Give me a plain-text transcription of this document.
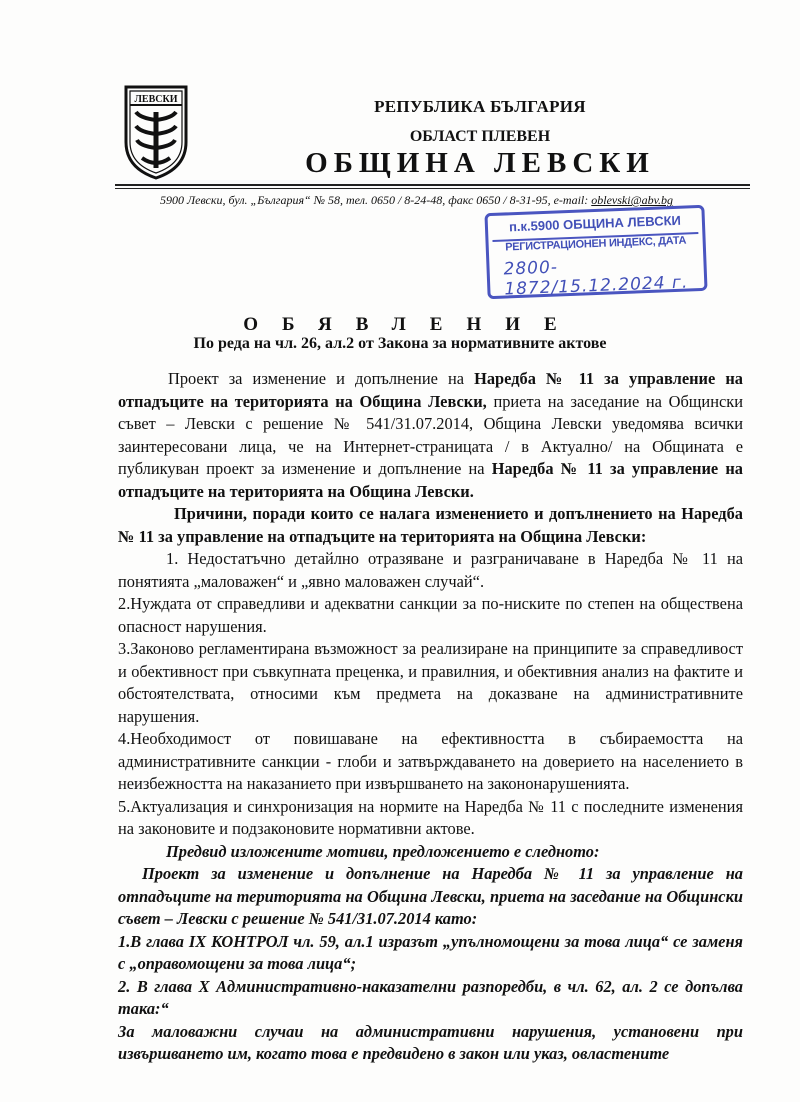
ЛЕВСКИ	РЕПУБЛИКА БЪЛГАРИЯ
ОБЛАСТ ПЛЕВЕН
ОБЩИНА ЛЕВСКИ
5900 Левски, бул. „България“ № 58, тел. 0650 / 8-24-48, факс 0650 / 8-31-95, e-mail: oblevski@abv.bg
п.к.5900 ОБЩИНА ЛЕВСКИ
РЕГИСТРАЦИОНЕН ИНДЕКС, ДАТА
2800-1872/15.12.2024 г.
ОБЯВЛЕНИЕ
По реда на чл. 26, ал.2 от Закона за нормативните актове

Проект за изменение и допълнение на Наредба № 11 за управление на отпадъците на територията на Община Левски, приета на заседание на Общински съвет – Левски с решение № 541/31.07.2014, Община Левски уведомява всички заинтересовани лица, че на Интернет-страницата / в Актуално/ на Общината е публикуван проект за изменение и допълнение на Наредба № 11 за управление на отпадъците на територията на Община Левски.

Причини, поради които се налага изменението и допълнението на Наредба № 11 за управление на отпадъците на територията на Община Левски:

1. Недостатъчно детайлно отразяване и разграничаване в Наредба № 11 на понятията „маловажен“ и „явно маловажен случай“.

2.Нуждата от справедливи и адекватни санкции за по-ниските по степен на обществена опасност нарушения.

3.Законово регламентирана възможност за реализиране на принципите за справедливост и обективност при съвкупната преценка, и правилния, и обективния анализ на фактите и обстоятелствата, относими към предмета на доказване на административните нарушения.

4.Необходимост от повишаване на ефективността в събираемостта на административните санкции - глоби и затвърждаването на доверието на населението в неизбежността на наказанието при извършването на закононарушенията.

5.Актуализация и синхронизация на нормите на Наредба № 11 с последните изменения на законовите и подзаконовите нормативни актове.

Предвид изложените мотиви, предложението е следното:

Проект за изменение и допълнение на Наредба № 11 за управление на отпадъците на територията на Община Левски, приета на заседание на Общински съвет – Левски с решение № 541/31.07.2014 като:

1.В глава IX КОНТРОЛ чл. 59, ал.1 изразът „упълномощени за това лица“ се заменя с „оправомощени за това лица“;

2. В глава X Административно-наказателни разпоредби, в чл. 62, ал. 2 се допълва така:“

За маловажни случаи на административни нарушения, установени при извършването им, когато това е предвидено в закон или указ, овластените
